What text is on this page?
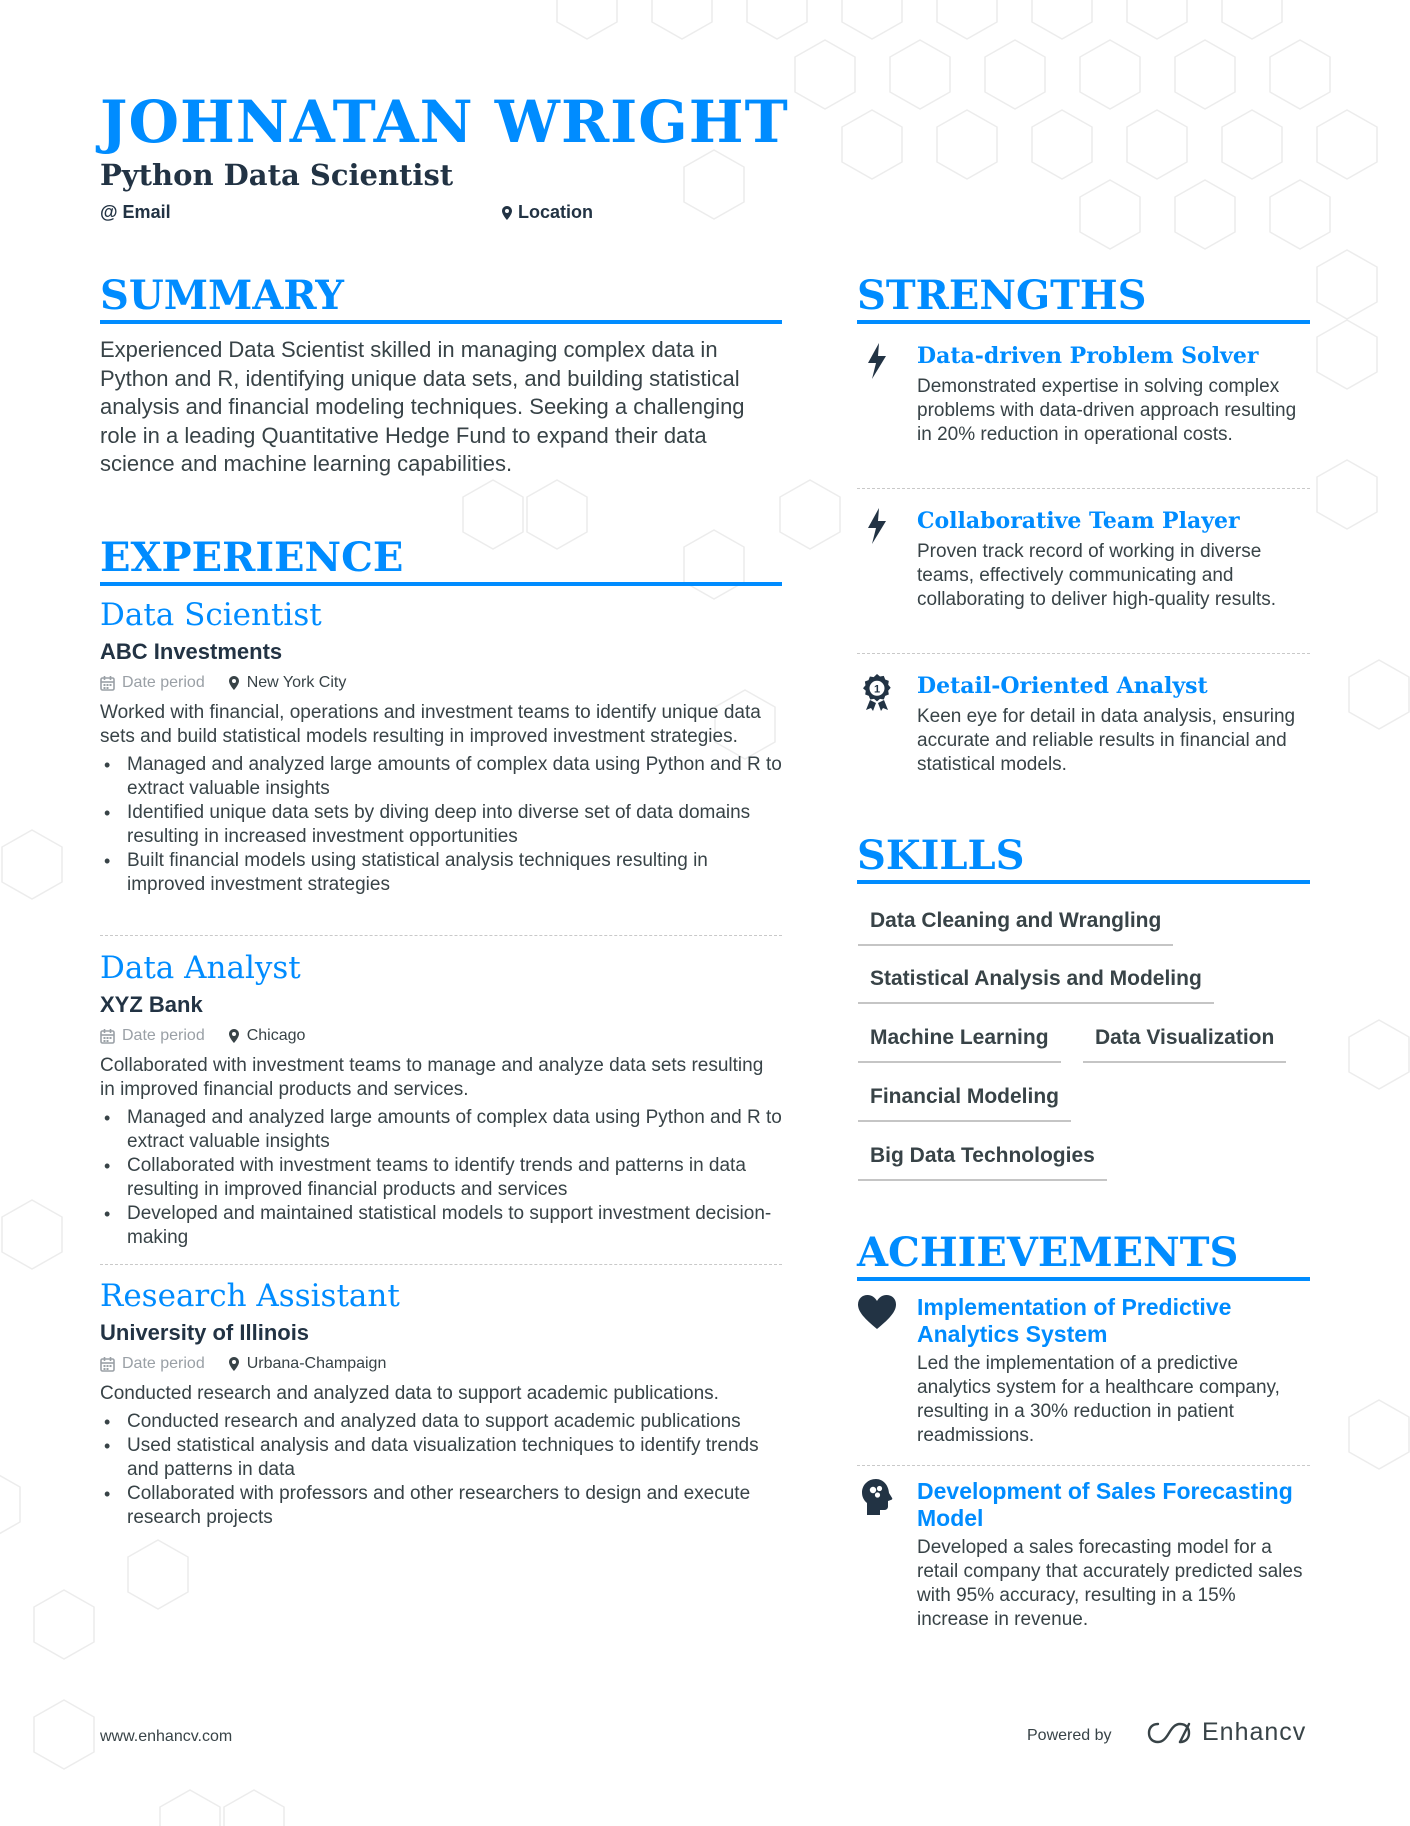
JOHNATAN WRIGHT
Python Data Scientist
@ Email	Location
SUMMARY
Experienced Data Scientist skilled in managing complex data in Python and R, identifying unique data sets, and building statistical analysis and financial modeling techniques. Seeking a challenging role in a leading Quantitative Hedge Fund to expand their data science and machine learning capabilities.
EXPERIENCE
Data Scientist
ABC Investments
Date period	New York City
Worked with financial, operations and investment teams to identify unique data sets and build statistical models resulting in improved investment strategies.
• Managed and analyzed large amounts of complex data using Python and R to extract valuable insights
• Identified unique data sets by diving deep into diverse set of data domains resulting in increased investment opportunities
• Built financial models using statistical analysis techniques resulting in improved investment strategies
Data Analyst
XYZ Bank
Date period	Chicago
Collaborated with investment teams to manage and analyze data sets resulting in improved financial products and services.
• Managed and analyzed large amounts of complex data using Python and R to extract valuable insights
• Collaborated with investment teams to identify trends and patterns in data resulting in improved financial products and services
• Developed and maintained statistical models to support investment decision-making
Research Assistant
University of Illinois
Date period	Urbana-Champaign
Conducted research and analyzed data to support academic publications.
• Conducted research and analyzed data to support academic publications
• Used statistical analysis and data visualization techniques to identify trends and patterns in data
• Collaborated with professors and other researchers to design and execute research projects
STRENGTHS
Data-driven Problem Solver
Demonstrated expertise in solving complex problems with data-driven approach resulting in 20% reduction in operational costs.
Collaborative Team Player
Proven track record of working in diverse teams, effectively communicating and collaborating to deliver high-quality results.
1 Detail-Oriented Analyst
Keen eye for detail in data analysis, ensuring accurate and reliable results in financial and statistical models.
SKILLS
Data Cleaning and Wrangling
Statistical Analysis and Modeling
Machine Learning	Data Visualization
Financial Modeling
Big Data Technologies
ACHIEVEMENTS
Implementation of Predictive Analytics System
Led the implementation of a predictive analytics system for a healthcare company, resulting in a 30% reduction in patient readmissions.
Development of Sales Forecasting Model
Developed a sales forecasting model for a retail company that accurately predicted sales with 95% accuracy, resulting in a 15% increase in revenue.
www.enhancv.com	Powered by	Enhancv
